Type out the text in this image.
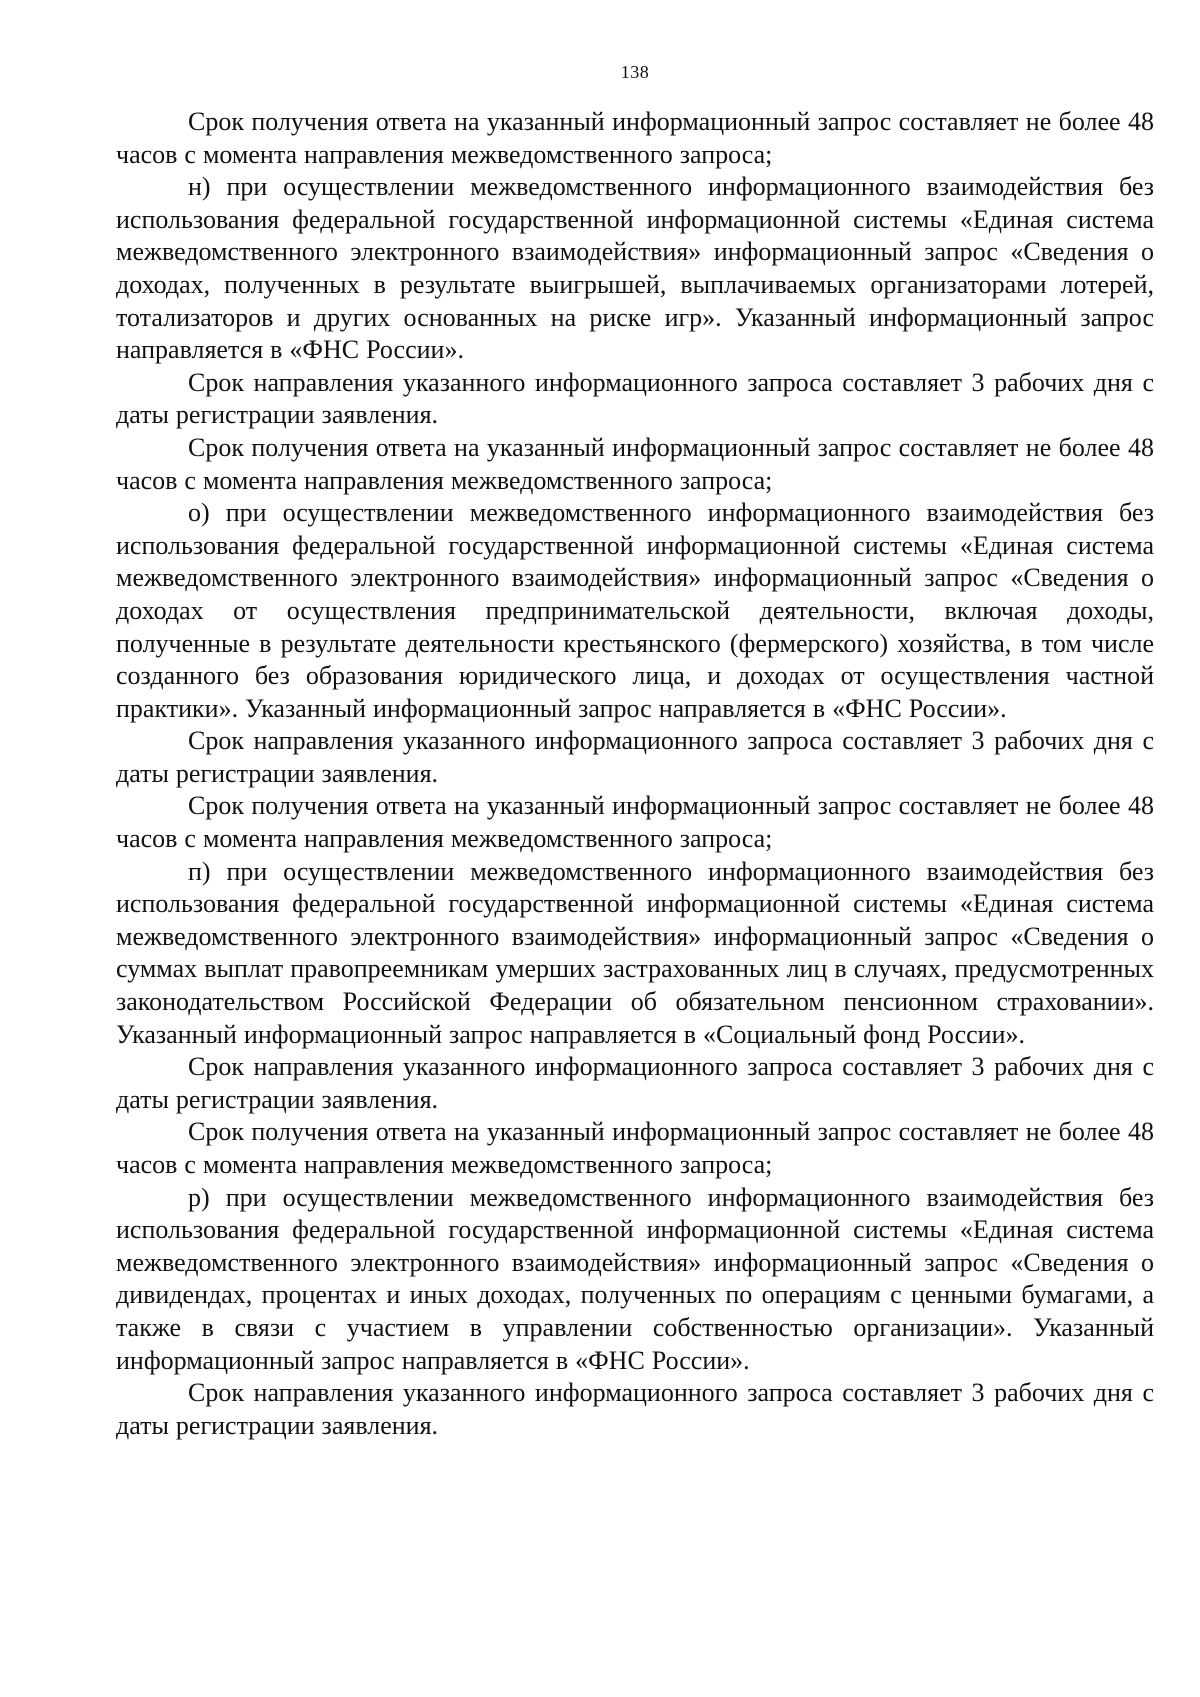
138

Срок получения ответа на указанный информационный запрос составляет не более 48 часов с момента направления межведомственного запроса;

н) при осуществлении межведомственного информационного взаимодействия без использования федеральной государственной информационной системы «Единая система межведомственного электронного взаимодействия» информационный запрос «Сведения о доходах, полученных в результате выигрышей, выплачиваемых организаторами лотерей, тотализаторов и других основанных на риске игр». Указанный информационный запрос направляется в «ФНС России».

Срок направления указанного информационного запроса составляет 3 рабочих дня с даты регистрации заявления.

Срок получения ответа на указанный информационный запрос составляет не более 48 часов с момента направления межведомственного запроса;

о) при осуществлении межведомственного информационного взаимодействия без использования федеральной государственной информационной системы «Единая система межведомственного электронного взаимодействия» информационный запрос «Сведения о доходах от осуществления предпринимательской деятельности, включая доходы, полученные в результате деятельности крестьянского (фермерского) хозяйства, в том числе созданного без образования юридического лица, и доходах от осуществления частной практики». Указанный информационный запрос направляется в «ФНС России».

Срок направления указанного информационного запроса составляет 3 рабочих дня с даты регистрации заявления.

Срок получения ответа на указанный информационный запрос составляет не более 48 часов с момента направления межведомственного запроса;

п) при осуществлении межведомственного информационного взаимодействия без использования федеральной государственной информационной системы «Единая система межведомственного электронного взаимодействия» информационный запрос «Сведения о суммах выплат правопреемникам умерших застрахованных лиц в случаях, предусмотренных законодательством Российской Федерации об обязательном пенсионном страховании». Указанный информационный запрос направляется в «Социальный фонд России».

Срок направления указанного информационного запроса составляет 3 рабочих дня с даты регистрации заявления.

Срок получения ответа на указанный информационный запрос составляет не более 48 часов с момента направления межведомственного запроса;

р) при осуществлении межведомственного информационного взаимодействия без использования федеральной государственной информационной системы «Единая система межведомственного электронного взаимодействия» информационный запрос «Сведения о дивидендах, процентах и иных доходах, полученных по операциям с ценными бумагами, а также в связи с участием в управлении собственностью организации». Указанный информационный запрос направляется в «ФНС России».

Срок направления указанного информационного запроса составляет 3 рабочих дня с даты регистрации заявления.
